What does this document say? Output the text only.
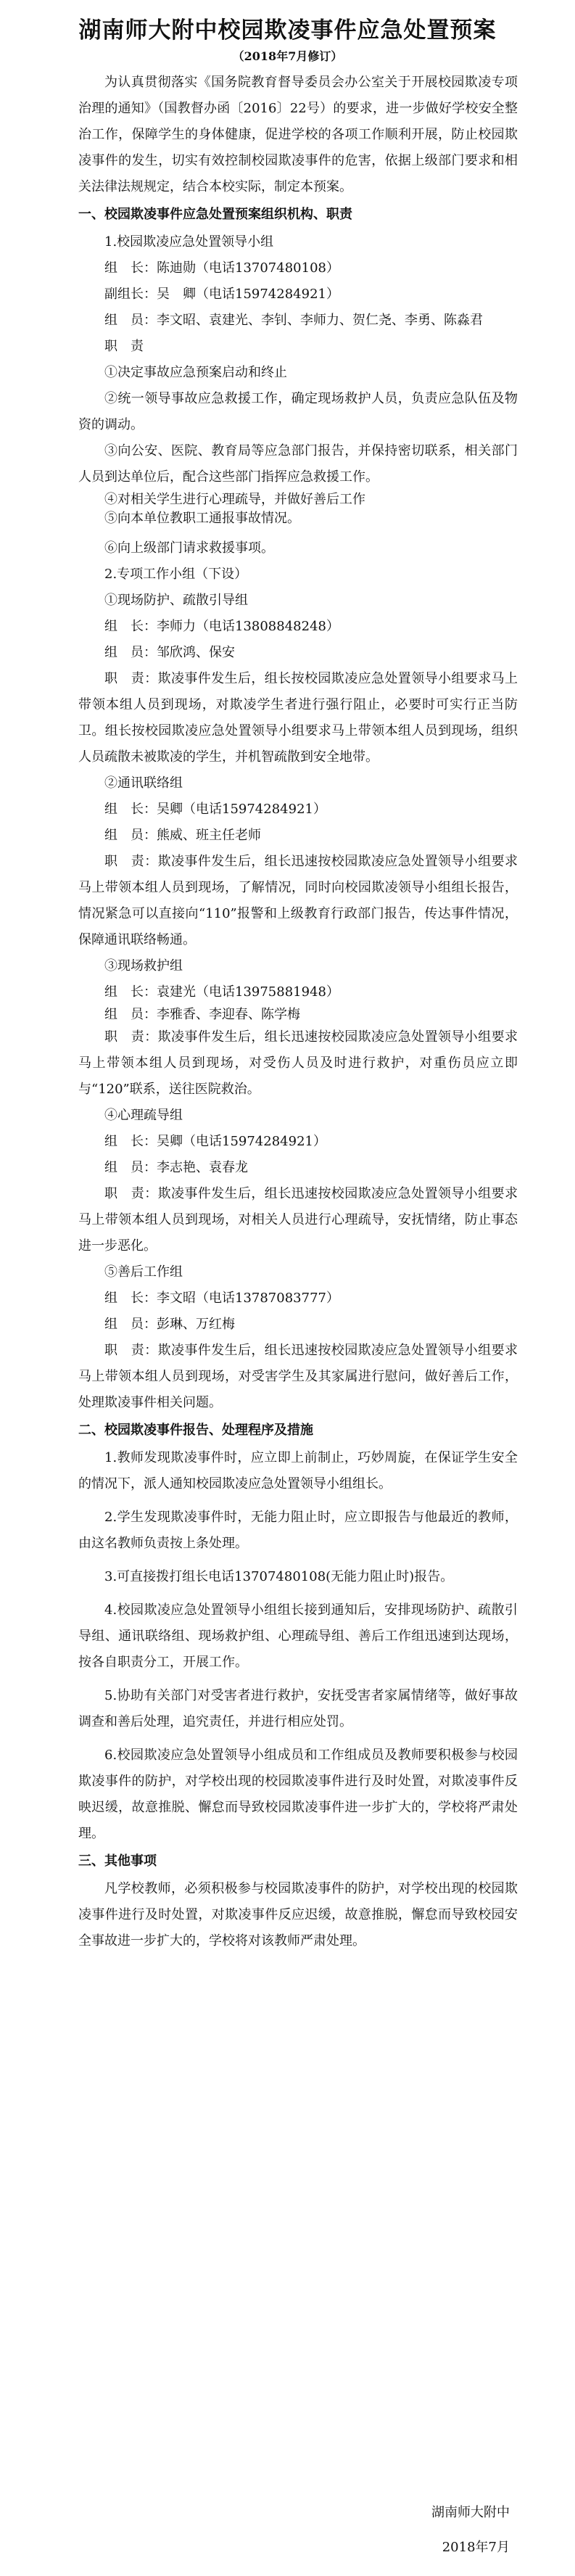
湖南师大附中校园欺凌事件应急处置预案
（2018年7月修订）

为认真贯彻落实《国务院教育督导委员会办公室关于开展校园欺凌专项治理的通知》（国教督办函〔2016〕22号）的要求，进一步做好学校安全整治工作，保障学生的身体健康，促进学校的各项工作顺利开展，防止校园欺凌事件的发生，切实有效控制校园欺凌事件的危害，依据上级部门要求和相关法律法规规定，结合本校实际，制定本预案。

一、校园欺凌事件应急处置预案组织机构、职责

1.校园欺凌应急处置领导小组

组　长：陈迪勋（电话13707480108）

副组长：吴　卿（电话15974284921）

组　员：李文昭、袁建光、李钊、李师力、贺仁尧、李勇、陈淼君

职　责

①决定事故应急预案启动和终止

②统一领导事故应急救援工作，确定现场救护人员，负责应急队伍及物资的调动。

③向公安、医院、教育局等应急部门报告，并保持密切联系，相关部门人员到达单位后，配合这些部门指挥应急救援工作。

④对相关学生进行心理疏导，并做好善后工作

⑤向本单位教职工通报事故情况。

⑥向上级部门请求救援事项。

2.专项工作小组（下设）

①现场防护、疏散引导组

组　长：李师力（电话13808848248）

组　员：邹欣鸿、保安

职　责：欺凌事件发生后，组长按校园欺凌应急处置领导小组要求马上带领本组人员到现场，对欺凌学生者进行强行阻止，必要时可实行正当防卫。组长按校园欺凌应急处置领导小组要求马上带领本组人员到现场，组织人员疏散未被欺凌的学生，并机智疏散到安全地带。

②通讯联络组

组　长：吴卿（电话15974284921）

组　员：熊威、班主任老师

职　责：欺凌事件发生后，组长迅速按校园欺凌应急处置领导小组要求马上带领本组人员到现场，了解情况，同时向校园欺凌领导小组组长报告，情况紧急可以直接向“110”报警和上级教育行政部门报告，传达事件情况，保障通讯联络畅通。

③现场救护组

组　长：袁建光（电话13975881948）

组　员：李雅香、李迎春、陈学梅

职　责：欺凌事件发生后，组长迅速按校园欺凌应急处置领导小组要求马上带领本组人员到现场，对受伤人员及时进行救护，对重伤员应立即与“120”联系，送往医院救治。

④心理疏导组

组　长：吴卿（电话15974284921）

组　员：李志艳、袁春龙

职　责：欺凌事件发生后，组长迅速按校园欺凌应急处置领导小组要求马上带领本组人员到现场，对相关人员进行心理疏导，安抚情绪，防止事态进一步恶化。

⑤善后工作组

组　长：李文昭（电话13787083777）

组　员：彭琳、万红梅

职　责：欺凌事件发生后，组长迅速按校园欺凌应急处置领导小组要求马上带领本组人员到现场，对受害学生及其家属进行慰问，做好善后工作，处理欺凌事件相关问题。

二、校园欺凌事件报告、处理程序及措施

1.教师发现欺凌事件时，应立即上前制止，巧妙周旋，在保证学生安全的情况下，派人通知校园欺凌应急处置领导小组组长。

2.学生发现欺凌事件时，无能力阻止时，应立即报告与他最近的教师，由这名教师负责按上条处理。

3.可直接拨打组长电话13707480108(无能力阻止时)报告。

4.校园欺凌应急处置领导小组组长接到通知后，安排现场防护、疏散引导组、通讯联络组、现场救护组、心理疏导组、善后工作组迅速到达现场，按各自职责分工，开展工作。

5.协助有关部门对受害者进行救护，安抚受害者家属情绪等，做好事故调查和善后处理，追究责任，并进行相应处罚。

6.校园欺凌应急处置领导小组成员和工作组成员及教师要积极参与校园欺凌事件的防护，对学校出现的校园欺凌事件进行及时处置，对欺凌事件反映迟缓，故意推脱、懈怠而导致校园欺凌事件进一步扩大的，学校将严肃处理。

三、其他事项

凡学校教师，必须积极参与校园欺凌事件的防护，对学校出现的校园欺凌事件进行及时处置，对欺凌事件反应迟缓，故意推脱，懈怠而导致校园安全事故进一步扩大的，学校将对该教师严肃处理。

湖南师大附中
2018年7月
